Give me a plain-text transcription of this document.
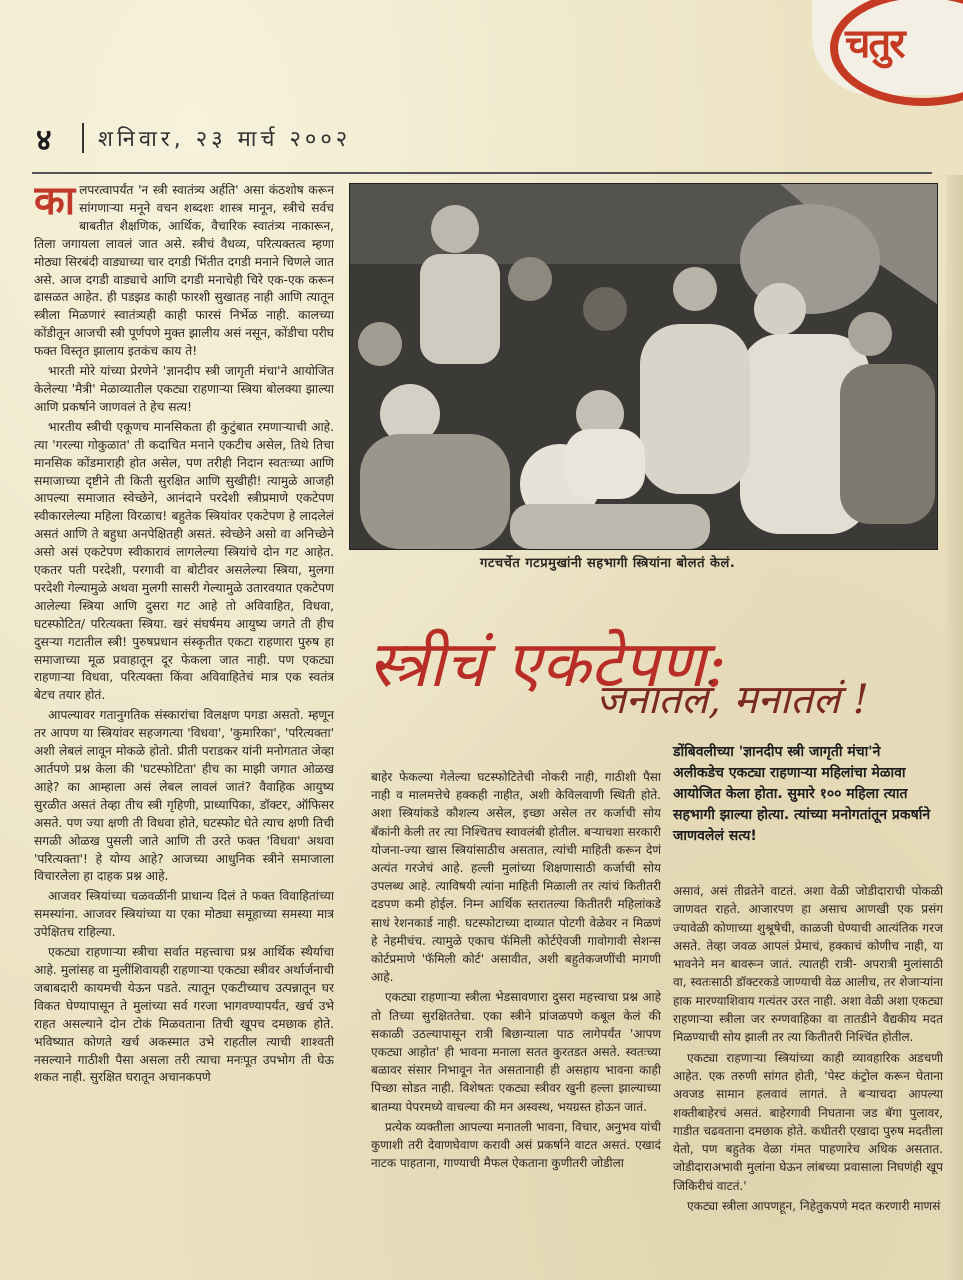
चतुर
४	शनिवार, २३ मार्च २००२

कालपरत्वापर्यंत 'न स्त्री स्वातंत्र्य अर्हति' असा कंठशोष करून सांगणाऱ्या मनूने वचन शब्दशः शास्त्र मानून, स्त्रीचे सर्वच बाबतीत शैक्षणिक, आर्थिक, वैचारिक स्वातंत्र्य नाकारून, तिला जगायला लावलं जात असे. स्त्रीचं वैधव्य, परित्यक्तत्व म्हणा मोठ्या सिरबंदी वाड्याच्या चार दगडी भिंतीत दगडी मनाने चिणले जात असे. आज दगडी वाड्याचे आणि दगडी मनाचेही चिरे एक-एक करून ढासळत आहेत. ही पडझड काही फारशी सुखातह नाही आणि त्यातून स्त्रीला मिळणारं स्वातंत्र्यही काही फारसं निर्भेळ नाही. कालच्या कोंडीतून आजची स्त्री पूर्णपणे मुक्त झालीय असं नसून, कोंडीचा परीघ फक्त विस्तृत झालाय इतकंच काय ते!

भारती मोरे यांच्या प्रेरणेने 'ज्ञानदीप स्त्री जागृती मंचा'ने आयोजित केलेल्या 'मैत्री' मेळाव्यातील एकट्या राहणाऱ्या स्त्रिया बोलक्या झाल्या आणि प्रकर्षाने जाणवलं ते हेच सत्य!

भारतीय स्त्रीची एकूणच मानसिकता ही कुटुंबात रमणाऱ्याची आहे. त्या 'गरल्या गोकुळात' ती कदाचित मनाने एकटीच असेल, तिथे तिचा मानसिक कोंडमाराही होत असेल, पण तरीही निदान स्वतःच्या आणि समाजाच्या दृष्टीने ती किती सुरक्षित आणि सुखीही! त्यामुळे आजही आपल्या समाजात स्वेच्छेने, आनंदाने परदेशी स्त्रीप्रमाणे एकटेपण स्वीकारलेल्या महिला विरळाच! बहुतेक स्त्रियांवर एकटेपण हे लादलेलं असतं आणि ते बहुधा अनपेक्षितही असतं. स्वेच्छेने असो वा अनिच्छेने असो असं एकटेपण स्वीकारावं लागलेल्या स्त्रियांचे दोन गट आहेत. एकतर पती परदेशी, परगावी वा बोटीवर असलेल्या स्त्रिया, मुलगा परदेशी गेल्यामुळे अथवा मुलगी सासरी गेल्यामुळे उतारवयात एकटेपण आलेल्या स्त्रिया आणि दुसरा गट आहे तो अविवाहित, विधवा, घटस्फोटित/ परित्यक्ता स्त्रिया. खरं संघर्षमय आयुष्य जगते ती हीच दुसऱ्या गटातील स्त्री! पुरुषप्रधान संस्कृतीत एकटा राहणारा पुरुष हा समाजाच्या मूळ प्रवाहातून दूर फेकला जात नाही. पण एकट्या राहणाऱ्या विधवा, परित्यक्ता किंवा अविवाहितेचं मात्र एक स्वतंत्र बेटच तयार होतं.

आपल्यावर गतानुगतिक संस्कारांचा विलक्षण पगडा असतो. म्हणून तर आपण या स्त्रियांवर सहजगत्या 'विधवा', 'कुमारिका', 'परित्यक्ता' अशी लेबलं लावून मोकळे होतो. प्रीती पराडकर यांनी मनोगतात जेव्हा आर्तपणे प्रश्न केला की 'घटस्फोटिता' हीच का माझी जगात ओळख आहे? का आम्हाला असं लेबल लावलं जातं? वैवाहिक आयुष्य सुरळीत असतं तेव्हा तीच स्त्री गृहिणी, प्राध्यापिका, डॉक्टर, ऑफिसर असते. पण ज्या क्षणी ती विधवा होते, घटस्फोट घेते त्याच क्षणी तिची सगळी ओळख पुसली जाते आणि ती उरते फक्त 'विधवा' अथवा 'परित्यक्ता'! हे योग्य आहे? आजच्या आधुनिक स्त्रीने समाजाला विचारलेला हा दाहक प्रश्न आहे.

आजवर स्त्रियांच्या चळवळींनी प्राधान्य दिलं ते फक्त विवाहितांच्या समस्यांना. आजवर स्त्रियांच्या या एका मोठ्या समूहाच्या समस्या मात्र उपेक्षितच राहिल्या.

एकट्या राहणाऱ्या स्त्रीचा सर्वात महत्त्वाचा प्रश्न आर्थिक स्थैर्याचा आहे. मुलांसह वा मुलींशिवायही राहणाऱ्या एकट्या स्त्रीवर अर्थार्जनाची जबाबदारी कायमची येऊन पडते. त्यातून एकटीच्याच उत्पन्नातून घर विकत घेण्यापासून ते मुलांच्या सर्व गरजा भागवण्यापर्यंत, खर्च उभे राहत असल्याने दोन टोकं मिळवताना तिची खूपच दमछाक होते. भविष्यात कोणते खर्च अकस्मात उभे राहतील त्याची शाश्वती नसल्याने गाठीशी पैसा असला तरी त्याचा मनःपूत उपभोग ती घेऊ शकत नाही. सुरक्षित घरातून अचानकपणे

गटचर्चेत गटप्रमुखांनी सहभागी स्त्रियांना बोलतं केलं.
स्त्रीचं एकटेपण:
जनातलं, मनातलं !
डोंबिवलीच्या 'ज्ञानदीप स्त्री जागृती मंचा'ने अलीकडेच एकट्या राहणाऱ्या महिलांचा मेळावा आयोजित केला होता. सुमारे १०० महिला त्यात सहभागी झाल्या होत्या. त्यांच्या मनोगतांतून प्रकर्षाने जाणवलेलं सत्य!

बाहेर फेकल्या गेलेल्या घटस्फोटितेची नोकरी नाही, गाठीशी पैसा नाही व मालमत्तेचे हक्कही नाहीत, अशी केविलवाणी स्थिती होते. अशा स्त्रियांकडे कौशल्य असेल, इच्छा असेल तर कर्जाची सोय बँकांनी केली तर त्या निश्चितच स्वावलंबी होतील. बऱ्याचशा सरकारी योजना-ज्या खास स्त्रियांसाठीच असतात, त्यांची माहिती करून देणं अत्यंत गरजेचं आहे. हल्ली मुलांच्या शिक्षणासाठी कर्जाची सोय उपलब्ध आहे. त्याविषयी त्यांना माहिती मिळाली तर त्यांचं कितीतरी दडपण कमी होईल. निम्न आर्थिक स्तरातल्या कितीतरी महिलांकडे साधं रेशनकार्ड नाही. घटस्फोटाच्या दाव्यात पोटगी वेळेवर न मिळणं हे नेहमीचंच. त्यामुळे एकाच फॅमिली कोर्टऐवजी गावोगावी सेशन्स कोर्टप्रमाणे 'फॅमिली कोर्ट' असावीत, अशी बहुतेकजणींची मागणी आहे.

एकट्या राहणाऱ्या स्त्रीला भेडसावणारा दुसरा महत्त्वाचा प्रश्न आहे तो तिच्या सुरक्षिततेचा. एका स्त्रीने प्रांजळपणे कबूल केलं की सकाळी उठल्यापासून रात्री बिछान्याला पाठ लागेपर्यंत 'आपण एकट्या आहोत' ही भावना मनाला सतत कुरतडत असते. स्वतःच्या बळावर संसार निभावून नेत असतानाही ही असहाय भावना काही पिच्छा सोडत नाही. विशेषतः एकट्या स्त्रीवर खुनी हल्ला झाल्याच्या बातम्या पेपरमध्ये वाचल्या की मन अस्वस्थ, भयग्रस्त होऊन जातं.

प्रत्येक व्यक्तीला आपल्या मनातली भावना, विचार, अनुभव यांची कुणाशी तरी देवाणघेवाण करावी असं प्रकर्षाने वाटत असतं. एखादं नाटक पाहताना, गाण्याची मैफल ऐकताना कुणीतरी जोडीला

असावं, असं तीव्रतेने वाटतं. अशा वेळी जोडीदाराची पोकळी जाणवत राहते. आजारपण हा असाच आणखी एक प्रसंग ज्यावेळी कोणाच्या शुश्रूषेची, काळजी घेण्याची आत्यंतिक गरज असते. तेव्हा जवळ आपलं प्रेमाचं, हक्काचं कोणीच नाही, या भावनेने मन बावरून जातं. त्यातही रात्री- अपरात्री मुलांसाठी वा, स्वतःसाठी डॉक्टरकडे जाण्याची वेळ आलीच, तर शेजाऱ्यांना हाक मारण्याशिवाय गत्यंतर उरत नाही. अशा वेळी अशा एकट्या राहणाऱ्या स्त्रीला जर रुग्णवाहिका वा तातडीने वैद्यकीय मदत मिळण्याची सोय झाली तर त्या कितीतरी निश्चिंत होतील.

एकट्या राहणाऱ्या स्त्रियांच्या काही व्यावहारिक अडचणी आहेत. एक तरुणी सांगत होती, 'पेस्ट कंट्रोल करून घेताना अवजड सामान हलवावं लागतं. ते बऱ्याचदा आपल्या शक्तीबाहेरचं असतं. बाहेरगावी निघताना जड बॅगा पुलावर, गाडीत चढवताना दमछाक होते. कधीतरी एखादा पुरुष मदतीला येतो, पण बहुतेक वेळा गंमत पाहणारेच अधिक असतात. जोडीदाराअभावी मुलांना घेऊन लांबच्या प्रवासाला निघणंही खूप जिकिरीचं वाटतं.'

एकट्या स्त्रीला आपणहून, निहेतुकपणे मदत करणारी माणसं
